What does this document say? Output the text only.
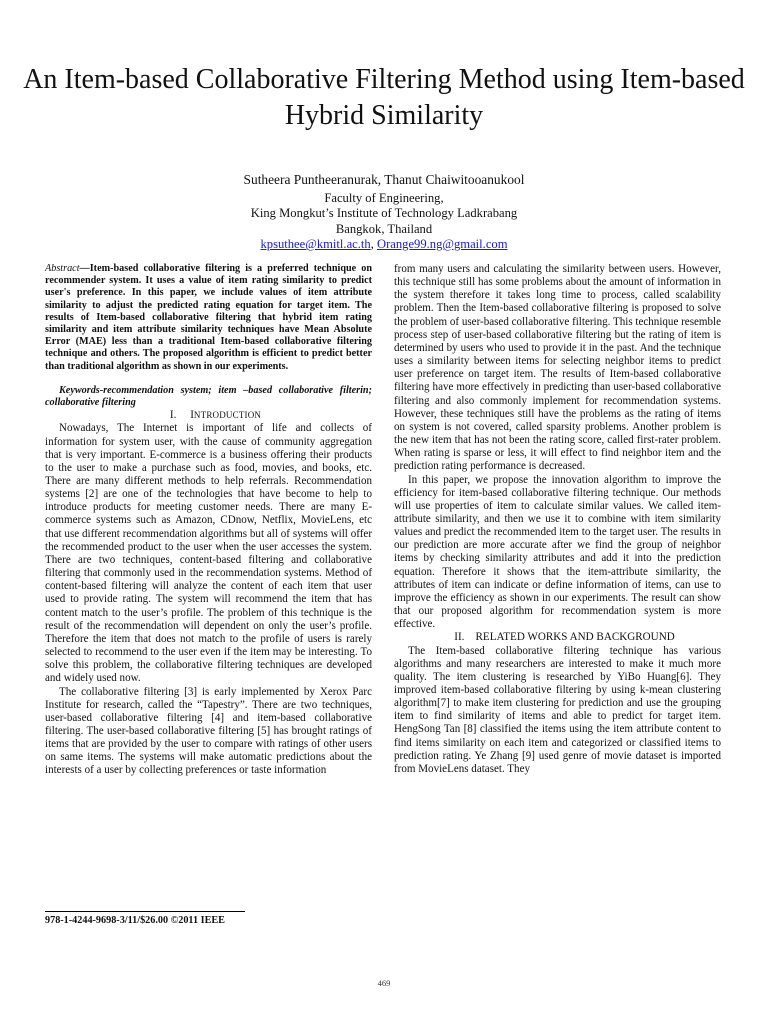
An Item-based Collaborative Filtering Method using Item-based Hybrid Similarity
Sutheera Puntheeranurak, Thanut Chaiwitooanukool
Faculty of Engineering,
King Mongkut’s Institute of Technology Ladkrabang
Bangkok, Thailand
kpsuthee@kmitl.ac.th, Orange99.ng@gmail.com

Abstract—Item-based collaborative filtering is a preferred technique on recommender system. It uses a value of item rating similarity to predict user's preference. In this paper, we include values of item attribute similarity to adjust the predicted rating equation for target item. The results of Item-based collaborative filtering that hybrid item rating similarity and item attribute similarity techniques have Mean Absolute Error (MAE) less than a traditional Item-based collaborative filtering technique and others. The proposed algorithm is efficient to predict better than traditional algorithm as shown in our experiments.

Keywords-recommendation system; item –based collaborative filterin; collaborative filtering

I. INTRODUCTION

Nowadays, The Internet is important of life and collects of information for system user, with the cause of community aggregation that is very important. E-commerce is a business offering their products to the user to make a purchase such as food, movies, and books, etc. There are many different methods to help referrals. Recommendation systems [2] are one of the technologies that have become to help to introduce products for meeting customer needs. There are many E-commerce systems such as Amazon, CDnow, Netflix, MovieLens, etc that use different recommendation algorithms but all of systems will offer the recommended product to the user when the user accesses the system. There are two techniques, content-based filtering and collaborative filtering that commonly used in the recommendation systems. Method of content-based filtering will analyze the content of each item that user used to provide rating. The system will recommend the item that has content match to the user’s profile. The problem of this technique is the result of the recommendation will dependent on only the user’s profile. Therefore the item that does not match to the profile of users is rarely selected to recommend to the user even if the item may be interesting. To solve this problem, the collaborative filtering techniques are developed and widely used now.

The collaborative filtering [3] is early implemented by Xerox Parc Institute for research, called the “Tapestry”. There are two techniques, user-based collaborative filtering [4] and item-based collaborative filtering. The user-based collaborative filtering [5] has brought ratings of items that are provided by the user to compare with ratings of other users on same items. The systems will make automatic predictions about the interests of a user by collecting preferences or taste information

from many users and calculating the similarity between users. However, this technique still has some problems about the amount of information in the system therefore it takes long time to process, called scalability problem. Then the Item-based collaborative filtering is proposed to solve the problem of user-based collaborative filtering. This technique resemble process step of user-based collaborative filtering but the rating of item is determined by users who used to provide it in the past. And the technique uses a similarity between items for selecting neighbor items to predict user preference on target item. The results of Item-based collaborative filtering have more effectively in predicting than user-based collaborative filtering and also commonly implement for recommendation systems. However, these techniques still have the problems as the rating of items on system is not covered, called sparsity problems. Another problem is the new item that has not been the rating score, called first-rater problem. When rating is sparse or less, it will effect to find neighbor item and the prediction rating performance is decreased.

In this paper, we propose the innovation algorithm to improve the efficiency for item-based collaborative filtering technique. Our methods will use properties of item to calculate similar values. We called item-attribute similarity, and then we use it to combine with item similarity values and predict the recommended item to the target user. The results in our prediction are more accurate after we find the group of neighbor items by checking similarity attributes and add it into the prediction equation. Therefore it shows that the item-attribute similarity, the attributes of item can indicate or define information of items, can use to improve the efficiency as shown in our experiments. The result can show that our proposed algorithm for recommendation system is more effective.

II. RELATED WORKS AND BACKGROUND

The Item-based collaborative filtering technique has various algorithms and many researchers are interested to make it much more quality. The item clustering is researched by YiBo Huang[6]. They improved item-based collaborative filtering by using k-mean clustering algorithm[7] to make item clustering for prediction and use the grouping item to find similarity of items and able to predict for target item. HengSong Tan [8] classified the items using the item attribute content to find items similarity on each item and categorized or classified items to prediction rating. Ye Zhang [9] used genre of movie dataset is imported from MovieLens dataset. They

978-1-4244-9698-3/11/$26.00 ©2011 IEEE
469
